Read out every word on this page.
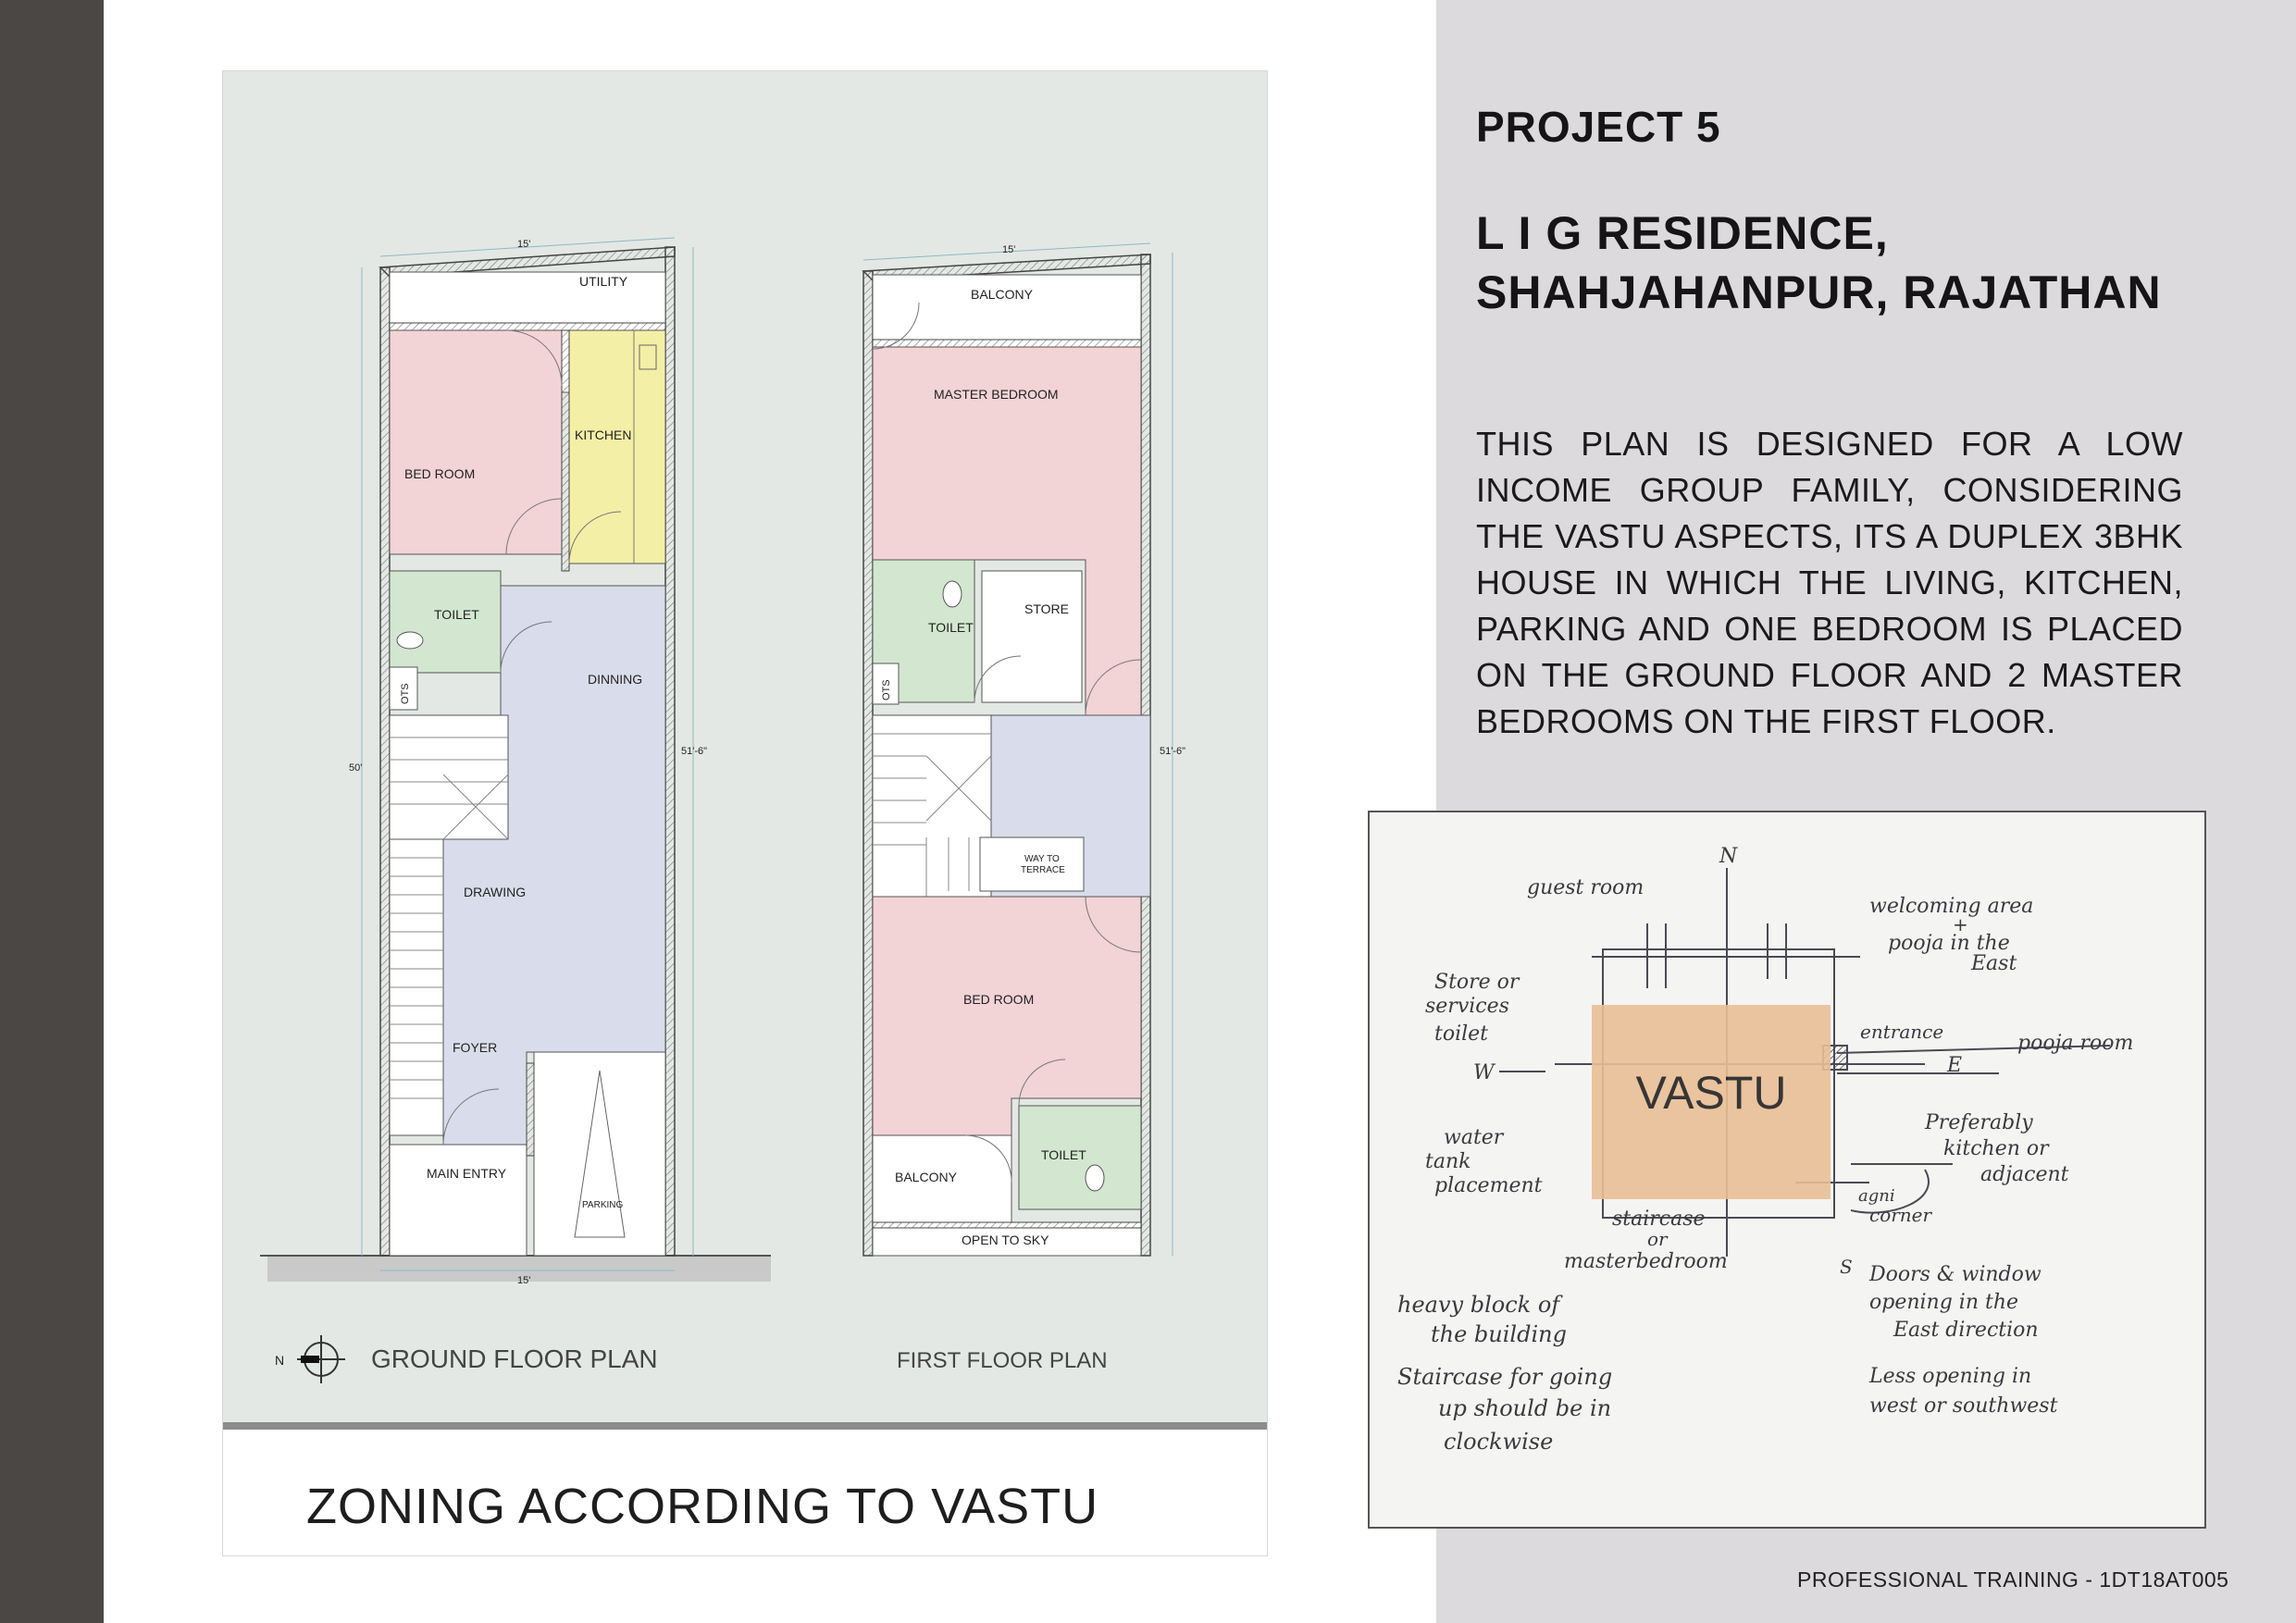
PROJECT 5
L I G RESIDENCE,
SHAHJAHANPUR, RAJATHAN
THIS PLAN IS DESIGNED FOR A LOW INCOME GROUP FAMILY, CONSIDERING THE VASTU ASPECTS, ITS A DUPLEX 3BHK HOUSE IN WHICH THE LIVING, KITCHEN, PARKING AND ONE BEDROOM IS PLACED ON THE GROUND FLOOR AND 2 MASTER BEDROOMS ON THE FIRST FLOOR.
ZONING ACCORDING TO VASTU
UTILITY
KITCHEN
BED ROOM
TOILET
OTS
DINNING
DRAWING
FOYER
MAIN ENTRY
PARKING
15'
15'
50'
51'-6"
BALCONY
MASTER BEDROOM
TOILET
STORE
OTS
WAY TO
TERRACE
BED ROOM
TOILET
BALCONY
OPEN TO SKY
15'
51'-6"
N	GROUND FLOOR PLAN	FIRST FLOOR PLAN
N
W	E
S
guest room
welcoming area
+
pooja in the
East
Store or
services
toilet	entrance	pooja room
water
tank
placement
Preferably
kitchen or
adjacent
agni
corner
staircase
or
masterbedroom
heavy block of
the building
Staircase for going
up should be in
clockwise
Doors & window
opening in the
East direction
Less opening in
west or southwest
VASTU
PROFESSIONAL TRAINING - 1DT18AT005
